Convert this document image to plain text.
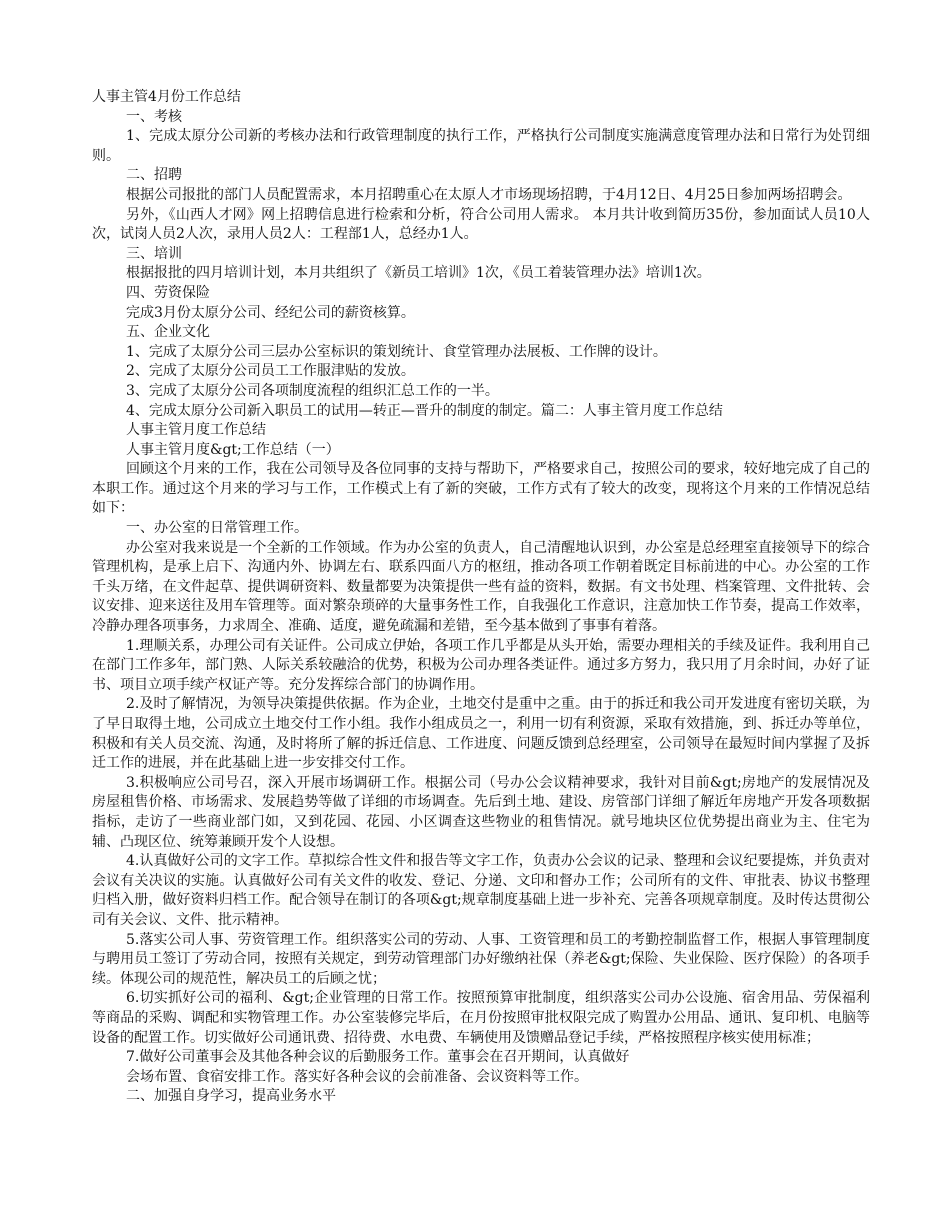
人事主管4月份工作总结

一、考核

1、完成太原分公司新的考核办法和行政管理制度的执行工作，严格执行公司制度实施满意度管理办法和日常行为处罚细则。

二、招聘

根据公司报批的部门人员配置需求，本月招聘重心在太原人才市场现场招聘，于4月12日、4月25日参加两场招聘会。

另外，《山西人才网》网上招聘信息进行检索和分析，符合公司用人需求。 本月共计收到简历35份，参加面试人员10人次，试岗人员2人次，录用人员2人：工程部1人，总经办1人。

三、培训

根据报批的四月培训计划，本月共组织了《新员工培训》1次，《员工着装管理办法》培训1次。

四、劳资保险

完成3月份太原分公司、经纪公司的薪资核算。

五、企业文化

1、完成了太原分公司三层办公室标识的策划统计、食堂管理办法展板、工作牌的设计。

2、完成了太原分公司员工工作服津贴的发放。

3、完成了太原分公司各项制度流程的组织汇总工作的一半。

4、完成太原分公司新入职员工的试用—转正—晋升的制度的制定。篇二：人事主管月度工作总结

人事主管月度工作总结

人事主管月度&gt;工作总结（一）

回顾这个月来的工作，我在公司领导及各位同事的支持与帮助下，严格要求自己，按照公司的要求，较好地完成了自己的本职工作。通过这个月来的学习与工作，工作模式上有了新的突破，工作方式有了较大的改变，现将这个月来的工作情况总结如下：

一、办公室的日常管理工作。

办公室对我来说是一个全新的工作领域。作为办公室的负责人，自己清醒地认识到，办公室是总经理室直接领导下的综合管理机构，是承上启下、沟通内外、协调左右、联系四面八方的枢纽，推动各项工作朝着既定目标前进的中心。办公室的工作千头万绪，在文件起草、提供调研资料、数量都要为决策提供一些有益的资料，数据。有文书处理、档案管理、文件批转、会议安排、迎来送往及用车管理等。面对繁杂琐碎的大量事务性工作，自我强化工作意识，注意加快工作节奏，提高工作效率，冷静办理各项事务，力求周全、准确、适度，避免疏漏和差错，至今基本做到了事事有着落。

1.理顺关系，办理公司有关证件。公司成立伊始，各项工作几乎都是从头开始，需要办理相关的手续及证件。我利用自己在部门工作多年，部门熟、人际关系较融洽的优势，积极为公司办理各类证件。通过多方努力，我只用了月余时间，办好了证书、项目立项手续产权证产等。充分发挥综合部门的协调作用。

2.及时了解情况，为领导决策提供依据。作为企业，土地交付是重中之重。由于的拆迁和我公司开发进度有密切关联，为了早日取得土地，公司成立土地交付工作小组。我作小组成员之一，利用一切有利资源，采取有效措施，到、拆迁办等单位，积极和有关人员交流、沟通，及时将所了解的拆迁信息、工作进度、问题反馈到总经理室，公司领导在最短时间内掌握了及拆迁工作的进展，并在此基础上进一步安排交付工作。

3.积极响应公司号召，深入开展市场调研工作。根据公司（号办公会议精神要求，我针对目前&gt;房地产的发展情况及房屋租售价格、市场需求、发展趋势等做了详细的市场调查。先后到土地、建设、房管部门详细了解近年房地产开发各项数据指标，走访了一些商业部门如，又到花园、花园、小区调查这些物业的租售情况。就号地块区位优势提出商业为主、住宅为辅、凸现区位、统筹兼顾开发个人设想。

4.认真做好公司的文字工作。草拟综合性文件和报告等文字工作，负责办公会议的记录、整理和会议纪要提炼，并负责对会议有关决议的实施。认真做好公司有关文件的收发、登记、分递、文印和督办工作；公司所有的文件、审批表、协议书整理归档入册，做好资料归档工作。配合领导在制订的各项&gt;规章制度基础上进一步补充、完善各项规章制度。及时传达贯彻公司有关会议、文件、批示精神。

5.落实公司人事、劳资管理工作。组织落实公司的劳动、人事、工资管理和员工的考勤控制监督工作，根据人事管理制度与聘用员工签订了劳动合同，按照有关规定，到劳动管理部门办好缴纳社保（养老&gt;保险、失业保险、医疗保险）的各项手续。体现公司的规范性，解决员工的后顾之忧；

6.切实抓好公司的福利、&gt;企业管理的日常工作。按照预算审批制度，组织落实公司办公设施、宿舍用品、劳保福利等商品的采购、调配和实物管理工作。办公室装修完毕后，在月份按照审批权限完成了购置办公用品、通讯、复印机、电脑等设备的配置工作。切实做好公司通讯费、招待费、水电费、车辆使用及馈赠品登记手续，严格按照程序核实使用标准；

7.做好公司董事会及其他各种会议的后勤服务工作。董事会在召开期间，认真做好

会场布置、食宿安排工作。落实好各种会议的会前准备、会议资料等工作。

二、加强自身学习，提高业务水平
